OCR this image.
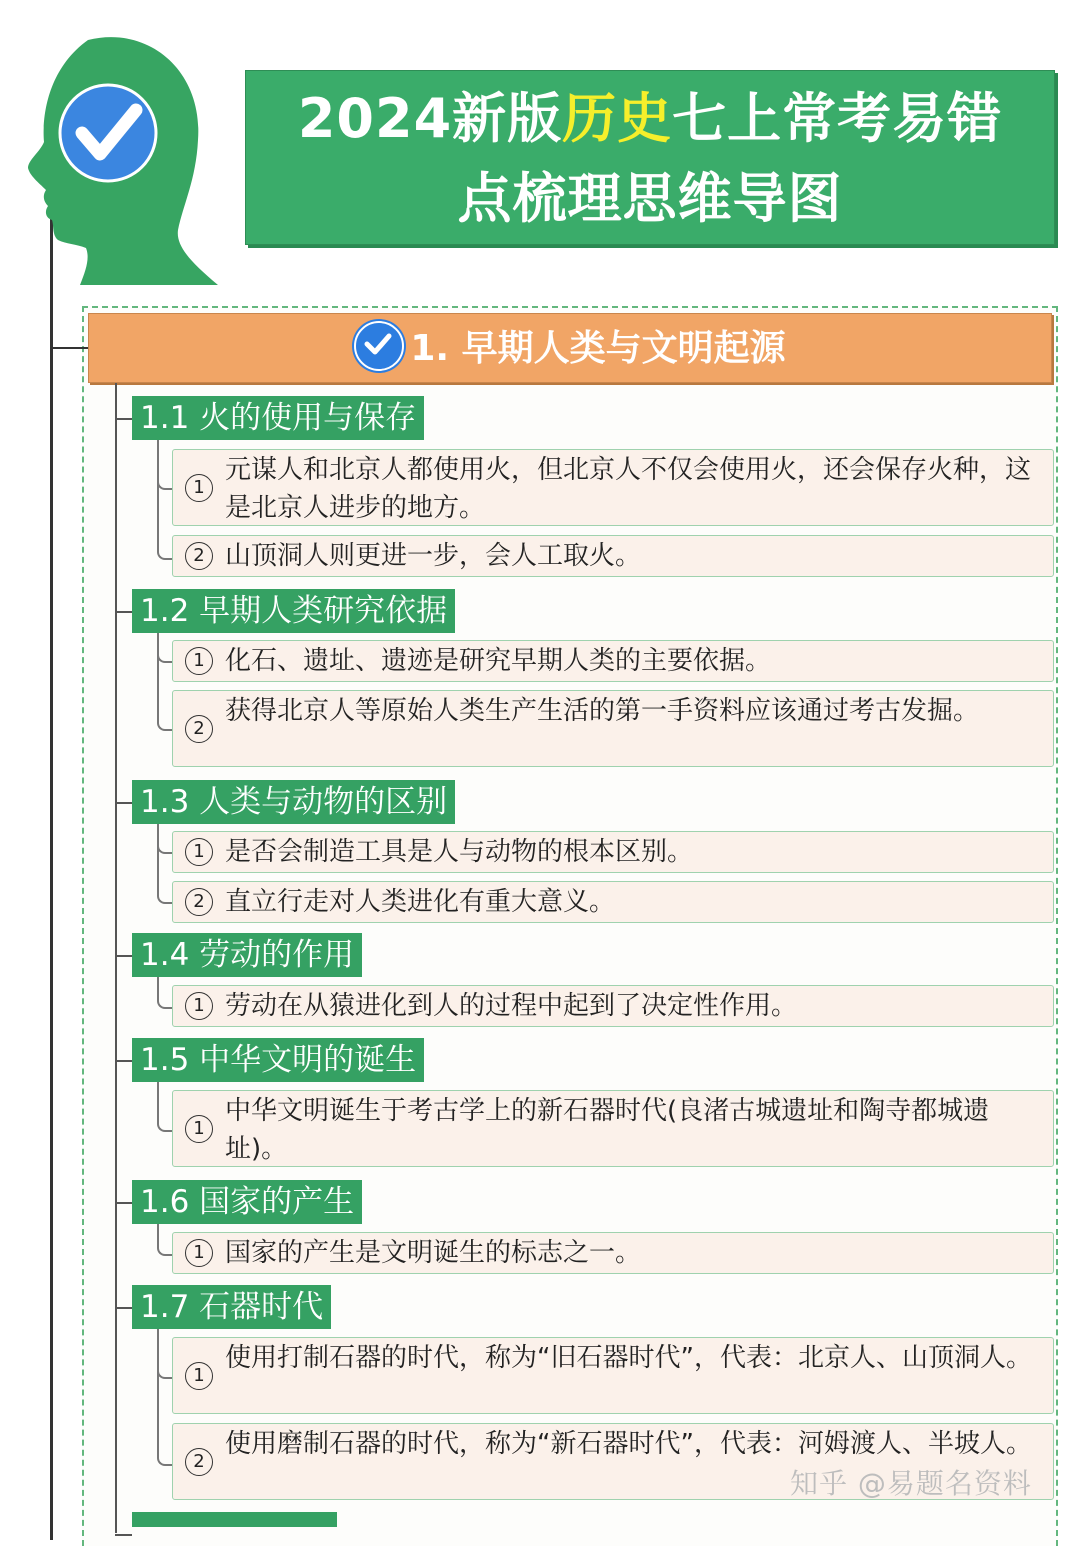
2024新版历史七上常考易错
点梳理思维导图
1. 早期人类与文明起源
1.1 火的使用与保存
1
元谋人和北京人都使用火，但北京人不仅会使用火，还会保存火种，这是北京人进步的地方。
2 山顶洞人则更进一步，会人工取火。
1.2 早期人类研究依据
1 化石、遗址、遗迹是研究早期人类的主要依据。
2
获得北京人等原始人类生产生活的第一手资料应该通过考古发掘。
1.3 人类与动物的区别
1 是否会制造工具是人与动物的根本区别。
2 直立行走对人类进化有重大意义。
1.4 劳动的作用
1 劳动在从猿进化到人的过程中起到了决定性作用。
1.5 中华文明的诞生
1
中华文明诞生于考古学上的新石器时代(良渚古城遗址和陶寺都城遗址)。
1.6 国家的产生
1 国家的产生是文明诞生的标志之一。
1.7 石器时代
1
使用打制石器的时代，称为“旧石器时代”，代表：北京人、山顶洞人。
2
使用磨制石器的时代，称为“新石器时代”，代表：河姆渡人、半坡人。
知乎 @易题名资料
